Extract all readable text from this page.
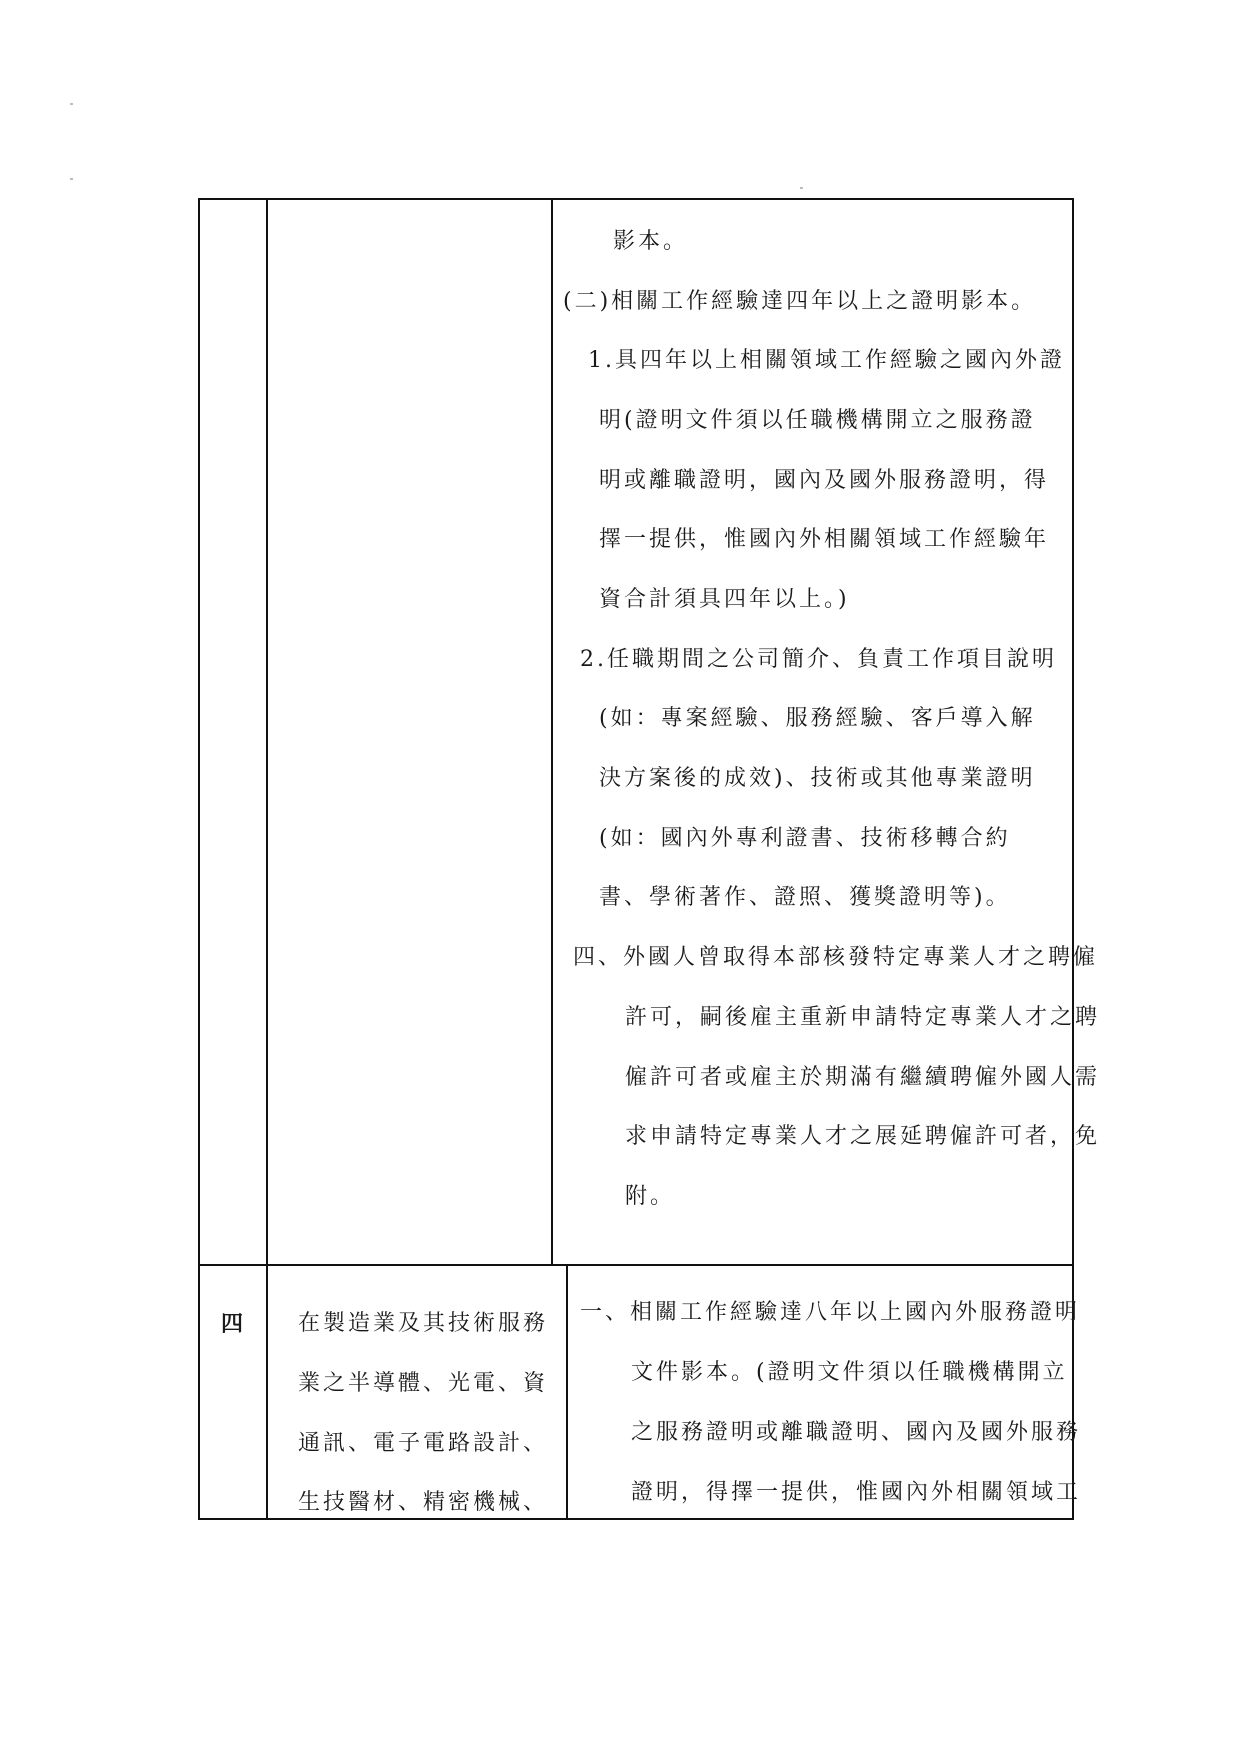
影本。
(二)相關工作經驗達四年以上之證明影本。
1.具四年以上相關領域工作經驗之國內外證
明(證明文件須以任職機構開立之服務證
明或離職證明，國內及國外服務證明，得
擇一提供，惟國內外相關領域工作經驗年
資合計須具四年以上。)
2.任職期間之公司簡介、負責工作項目說明
(如：專案經驗、服務經驗、客戶導入解
決方案後的成效)、技術或其他專業證明
(如：國內外專利證書、技術移轉合約
書、學術著作、證照、獲獎證明等)。
四、外國人曾取得本部核發特定專業人才之聘僱
許可，嗣後雇主重新申請特定專業人才之聘
僱許可者或雇主於期滿有繼續聘僱外國人需
求申請特定專業人才之展延聘僱許可者，免
附。
四 在製造業及其技術服務
業之半導體、光電、資
通訊、電子電路設計、
生技醫材、精密機械、
一、相關工作經驗達八年以上國內外服務證明
文件影本。(證明文件須以任職機構開立
之服務證明或離職證明、國內及國外服務
證明，得擇一提供，惟國內外相關領域工
